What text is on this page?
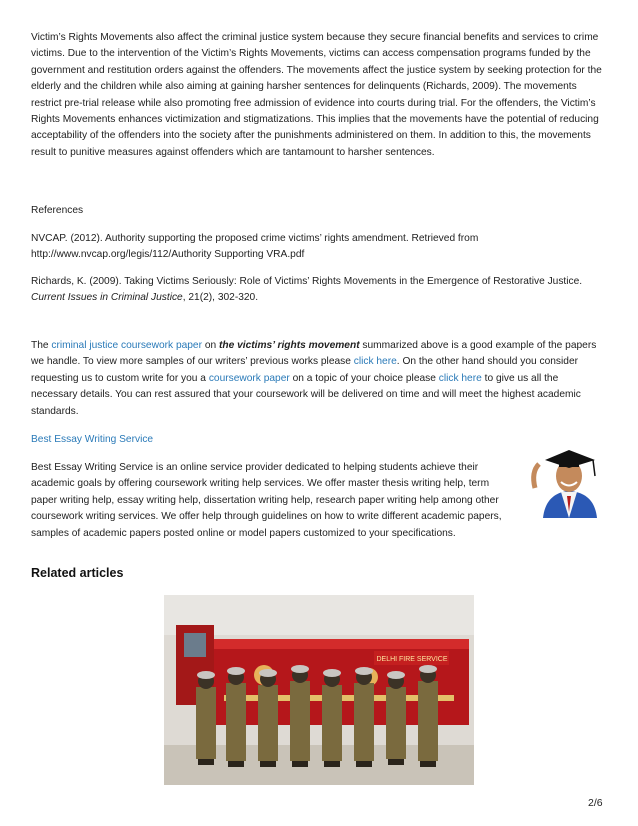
Victim’s Rights Movements also affect the criminal justice system because they secure financial benefits and services to crime victims. Due to the intervention of the Victim’s Rights Movements, victims can access compensation programs funded by the government and restitution orders against the offenders. The movements affect the justice system by seeking protection for the elderly and the children while also aiming at gaining harsher sentences for delinquents (Richards, 2009). The movements restrict pre-trial release while also promoting free admission of evidence into courts during trial. For the offenders, the Victim’s Rights Movements enhances victimization and stigmatizations. This implies that the movements have the potential of reducing acceptability of the offenders into the society after the punishments administered on them. In addition to this, the movements result to punitive measures against offenders which are tantamount to harsher sentences.

References

NVCAP. (2012). Authority supporting the proposed crime victims’ rights amendment. Retrieved from http://www.nvcap.org/legis/112/Authority Supporting VRA.pdf

Richards, K. (2009). Taking Victims Seriously: Role of Victims’ Rights Movements in the Emergence of Restorative Justice. Current Issues in Criminal Justice, 21(2), 302-320.

The criminal justice coursework paper on the victims’ rights movement summarized above is a good example of the papers we handle. To view more samples of our writers’ previous works please click here. On the other hand should you consider requesting us to custom write for you a coursework paper on a topic of your choice please click here to give us all the necessary details. You can rest assured that your coursework will be delivered on time and will meet the highest academic standards.

Best Essay Writing Service

Best Essay Writing Service is an online service provider dedicated to helping students achieve their academic goals by offering coursework writing help services. We offer master thesis writing help, term paper writing help, essay writing help, dissertation writing help, research paper writing help among other coursework writing services. We offer help through guidelines on how to write different academic papers, samples of academic papers posted online or model papers customized to your specifications.

Related articles
DELHI FIRE SERVICE
2/6
